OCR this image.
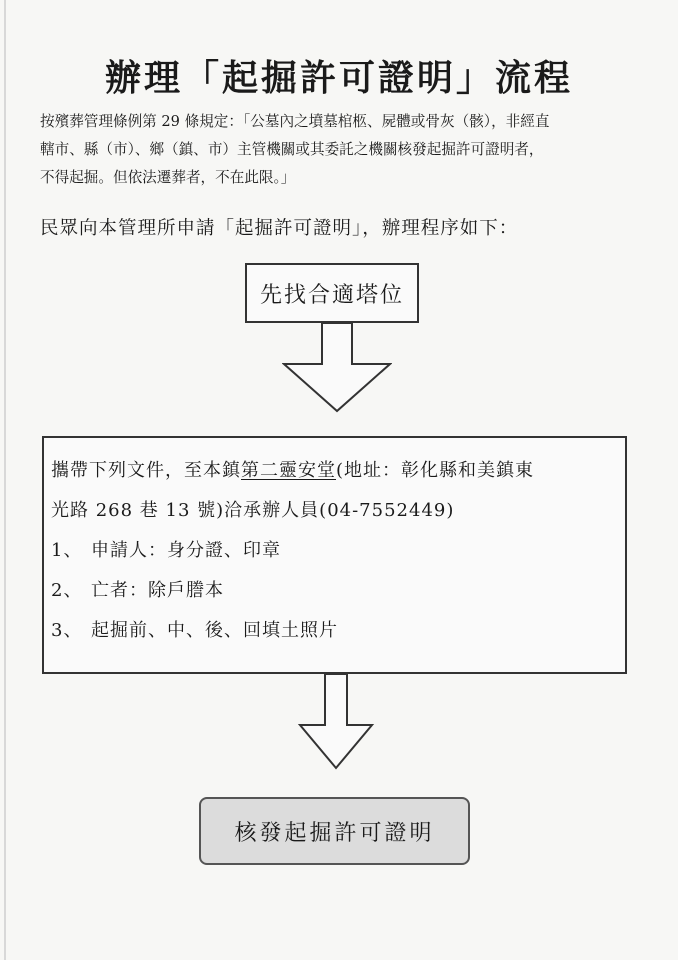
辦理「起掘許可證明」流程
按殯葬管理條例第 29 條規定：「公墓內之墳墓棺柩、屍體或骨灰（骸），非經直
轄市、縣（市）、鄉（鎮、市）主管機關或其委託之機關核發起掘許可證明者，
不得起掘。但依法遷葬者，不在此限。」
民眾向本管理所申請「起掘許可證明」，辦理程序如下：
先找合適塔位
攜帶下列文件，至本鎮第二靈安堂(地址：彰化縣和美鎮東
光路 268 巷 13 號)洽承辦人員(04-7552449)
1、 申請人：身分證、印章
2、 亡者：除戶謄本
3、 起掘前、中、後、回填土照片
核發起掘許可證明
